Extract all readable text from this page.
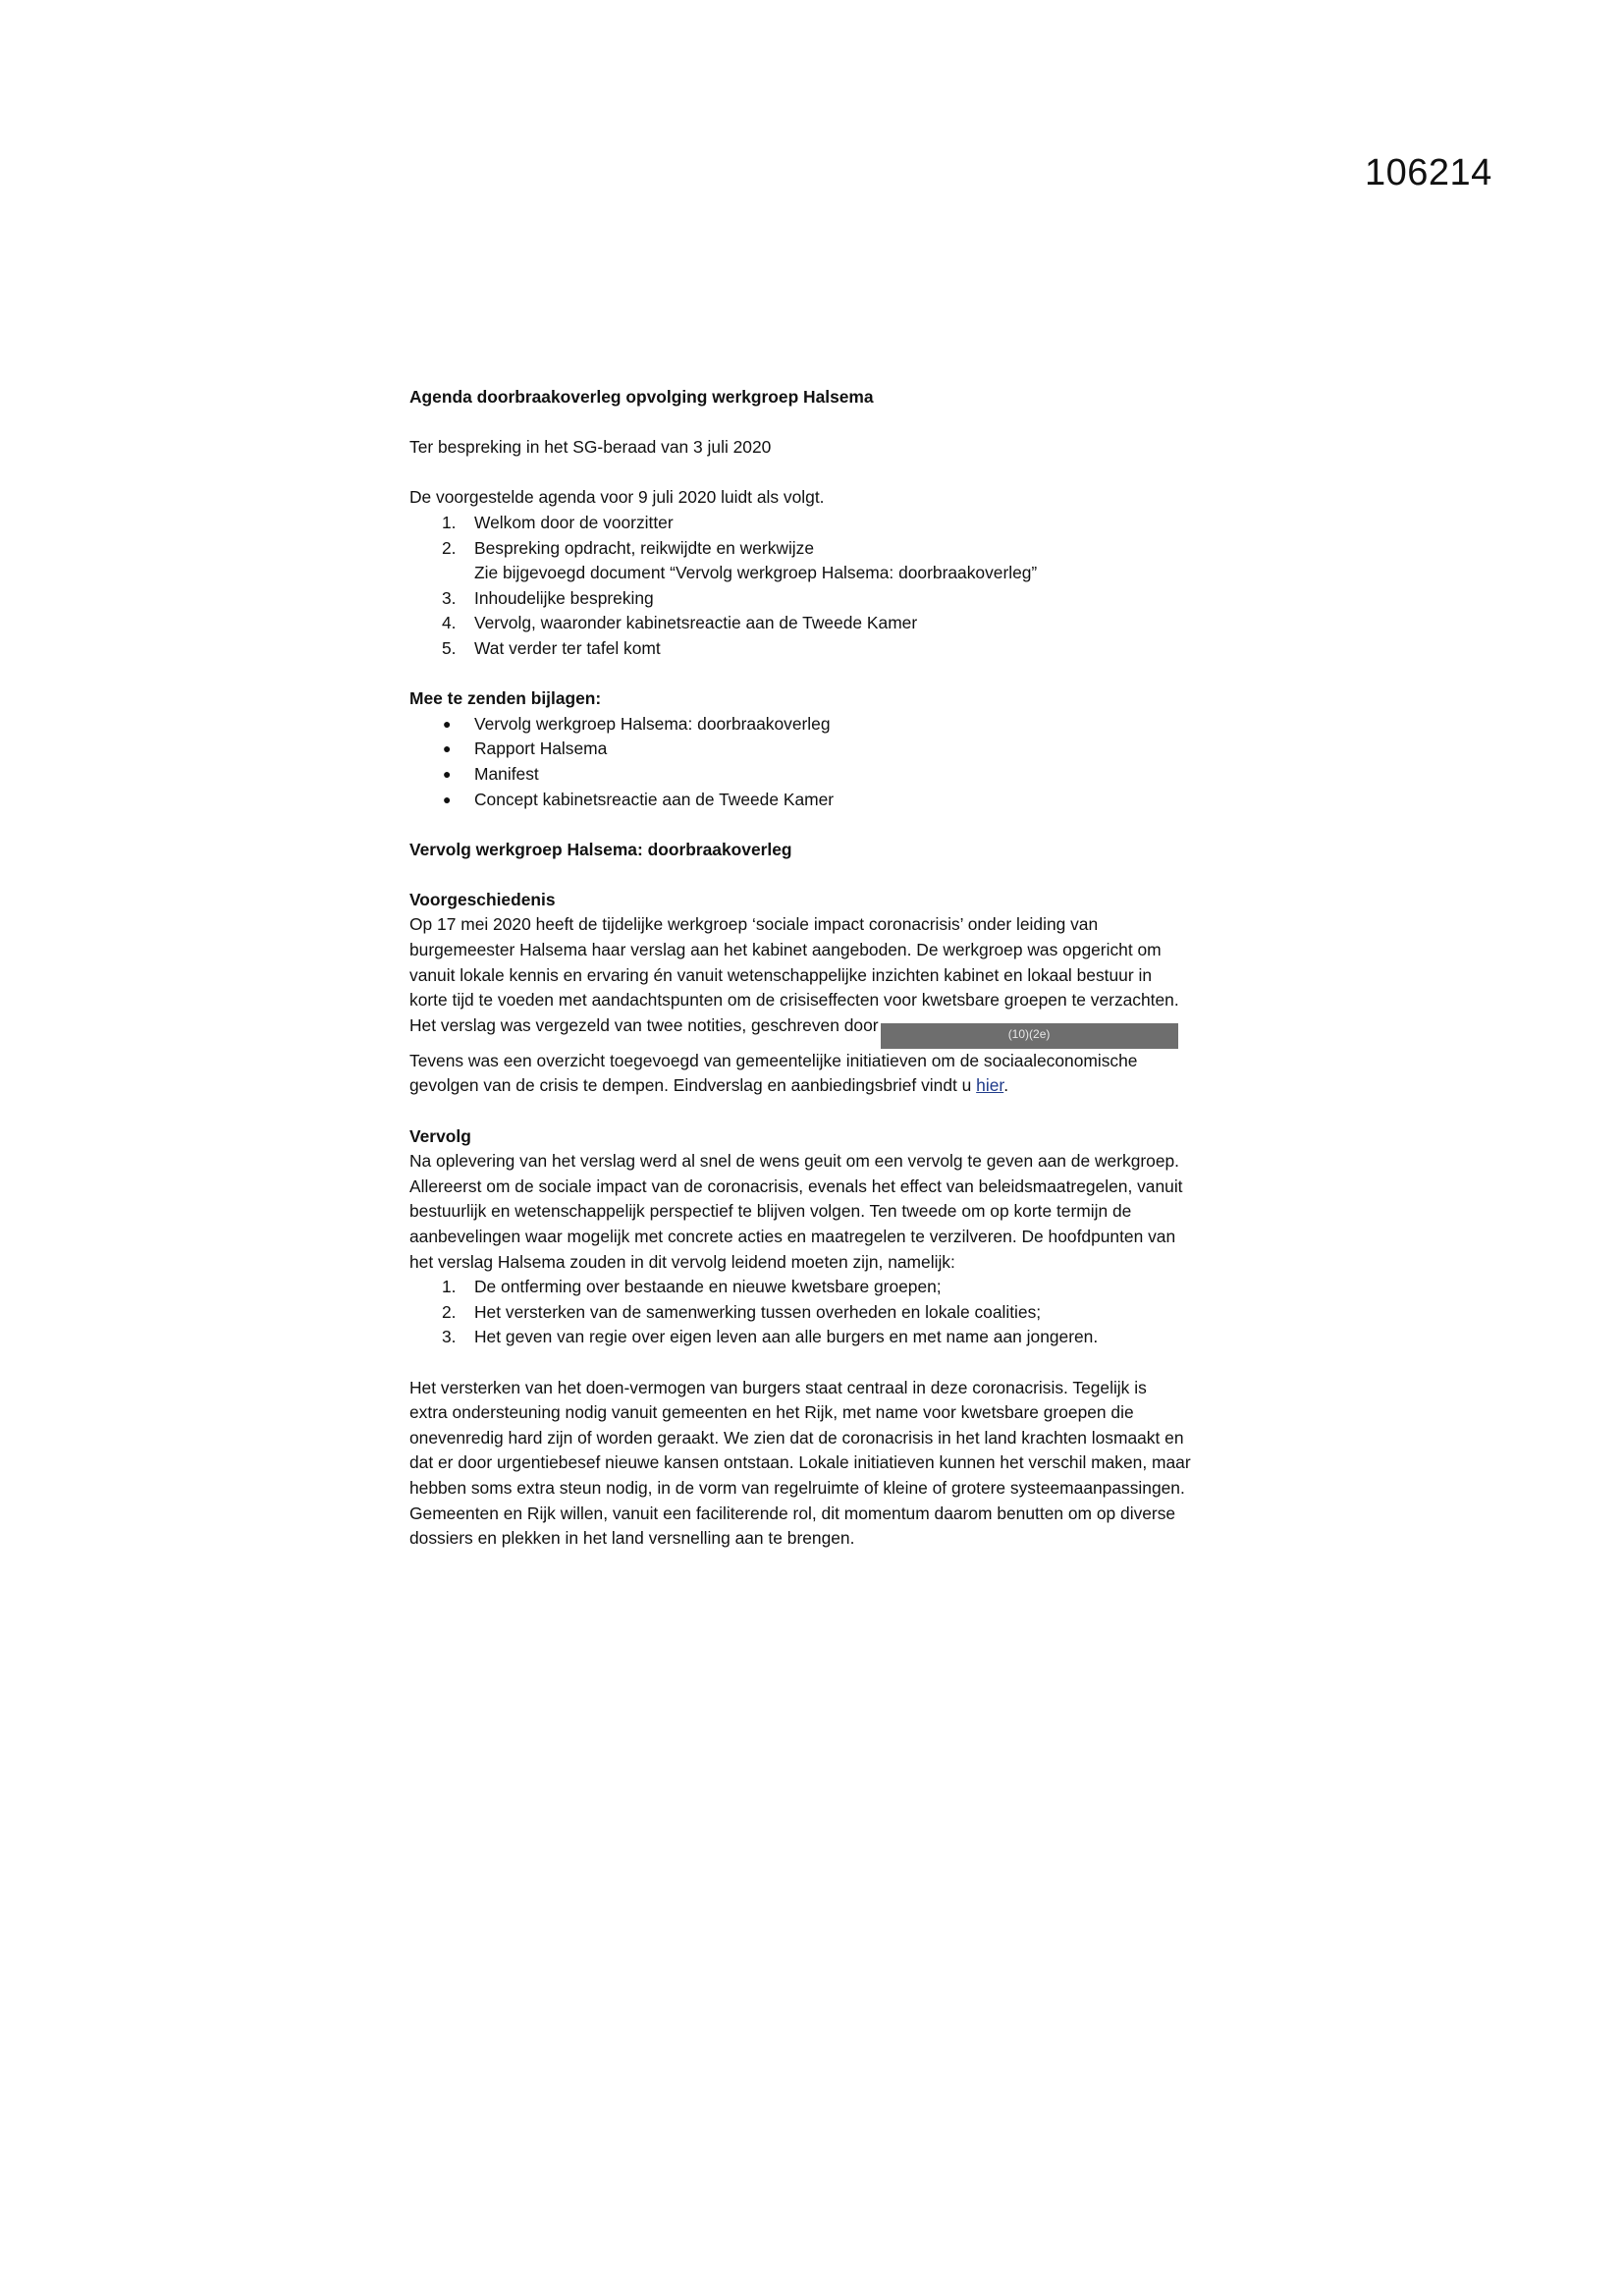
106214

Agenda doorbraakoverleg opvolging werkgroep Halsema

Ter bespreking in het SG-beraad van 3 juli 2020

De voorgestelde agenda voor 9 juli 2020 luidt als volgt.

1.	Welkom door de voorzitter
2.	Bespreking opdracht, reikwijdte en werkwijze
Zie bijgevoegd document “Vervolg werkgroep Halsema: doorbraakoverleg”
3.	Inhoudelijke bespreking
4.	Vervolg, waaronder kabinetsreactie aan de Tweede Kamer
5.	Wat verder ter tafel komt

Mee te zenden bijlagen:

●	Vervolg werkgroep Halsema: doorbraakoverleg
●	Rapport Halsema
●	Manifest
●	Concept kabinetsreactie aan de Tweede Kamer

Vervolg werkgroep Halsema: doorbraakoverleg

Voorgeschiedenis

Op 17 mei 2020 heeft de tijdelijke werkgroep ‘sociale impact coronacrisis’ onder leiding van

burgemeester Halsema haar verslag aan het kabinet aangeboden. De werkgroep was opgericht om

vanuit lokale kennis en ervaring én vanuit wetenschappelijke inzichten kabinet en lokaal bestuur in

korte tijd te voeden met aandachtspunten om de crisiseffecten voor kwetsbare groepen te verzachten.

Het verslag was vergezeld van twee notities, geschreven door	(10)(2e)

Tevens was een overzicht toegevoegd van gemeentelijke initiatieven om de sociaaleconomische

gevolgen van de crisis te dempen. Eindverslag en aanbiedingsbrief vindt u hier.

Vervolg

Na oplevering van het verslag werd al snel de wens geuit om een vervolg te geven aan de werkgroep.

Allereerst om de sociale impact van de coronacrisis, evenals het effect van beleidsmaatregelen, vanuit

bestuurlijk en wetenschappelijk perspectief te blijven volgen. Ten tweede om op korte termijn de

aanbevelingen waar mogelijk met concrete acties en maatregelen te verzilveren. De hoofdpunten van

het verslag Halsema zouden in dit vervolg leidend moeten zijn, namelijk:

1.	De ontferming over bestaande en nieuwe kwetsbare groepen;
2.	Het versterken van de samenwerking tussen overheden en lokale coalities;
3.	Het geven van regie over eigen leven aan alle burgers en met name aan jongeren.

Het versterken van het doen-vermogen van burgers staat centraal in deze coronacrisis. Tegelijk is

extra ondersteuning nodig vanuit gemeenten en het Rijk, met name voor kwetsbare groepen die

onevenredig hard zijn of worden geraakt. We zien dat de coronacrisis in het land krachten losmaakt en

dat er door urgentiebesef nieuwe kansen ontstaan. Lokale initiatieven kunnen het verschil maken, maar

hebben soms extra steun nodig, in de vorm van regelruimte of kleine of grotere systeemaanpassingen.

Gemeenten en Rijk willen, vanuit een faciliterende rol, dit momentum daarom benutten om op diverse

dossiers en plekken in het land versnelling aan te brengen.
